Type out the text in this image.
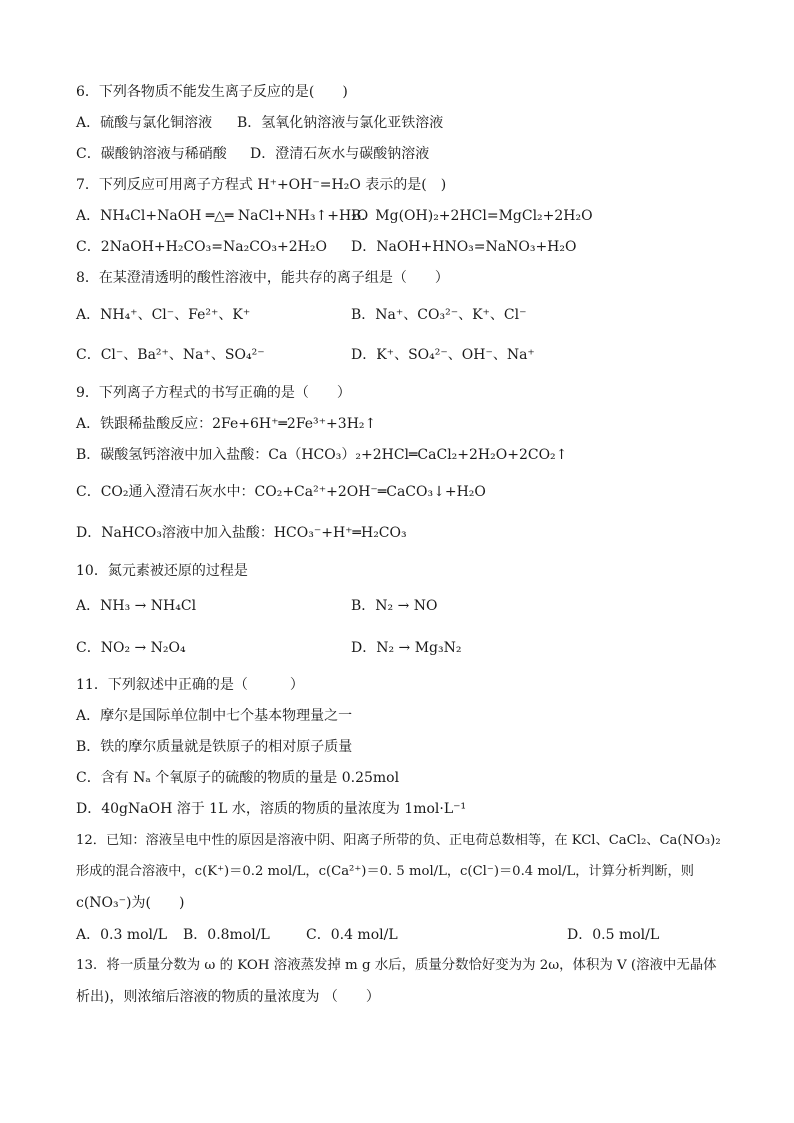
6．下列各物质不能发生离子反应的是(　　)
A．硫酸与氯化铜溶液 B．氢氧化钠溶液与氯化亚铁溶液
C．碳酸钠溶液与稀硝酸 D．澄清石灰水与碳酸钠溶液
7．下列反应可用离子方程式 H⁺+OH⁻=H₂O 表示的是(　)
A．NH₄Cl+NaOH ═△═ NaCl+NH₃↑+H₂O
B．Mg(OH)₂+2HCl=MgCl₂+2H₂O
C．2NaOH+H₂CO₃=Na₂CO₃+2H₂O D．NaOH+HNO₃=NaNO₃+H₂O
8．在某澄清透明的酸性溶液中，能共存的离子组是（　　）
A．NH₄⁺、Cl⁻、Fe²⁺、K⁺	B．Na⁺、CO₃²⁻、K⁺、Cl⁻
C．Cl⁻、Ba²⁺、Na⁺、SO₄²⁻	D．K⁺、SO₄²⁻、OH⁻、Na⁺
9．下列离子方程式的书写正确的是（　　）
A．铁跟稀盐酸反应：2Fe+6H⁺═2Fe³⁺+3H₂↑
B．碳酸氢钙溶液中加入盐酸：Ca（HCO₃）₂+2HCl═CaCl₂+2H₂O+2CO₂↑
C．CO₂通入澄清石灰水中：CO₂+Ca²⁺+2OH⁻═CaCO₃↓+H₂O
D．NaHCO₃溶液中加入盐酸：HCO₃⁻+H⁺═H₂CO₃
10．氮元素被还原的过程是
A．NH₃ → NH₄Cl	B．N₂ → NO
C．NO₂ → N₂O₄	D．N₂ → Mg₃N₂
11．下列叙述中正确的是（　　　）
A．摩尔是国际单位制中七个基本物理量之一
B．铁的摩尔质量就是铁原子的相对原子质量
C．含有 Nₐ 个氧原子的硫酸的物质的量是 0.25mol
D．40gNaOH 溶于 1L 水，溶质的物质的量浓度为 1mol·L⁻¹
12．已知：溶液呈电中性的原因是溶液中阴、阳离子所带的负、正电荷总数相等，在 KCl、CaCl₂、Ca(NO₃)₂
形成的混合溶液中，c(K⁺)＝0.2 mol/L，c(Ca²⁺)＝0. 5 mol/L，c(Cl⁻)＝0.4 mol/L，计算分析判断，则
c(NO₃⁻)为(　　)
A．0.3 mol/L B．0.8mol/L	C．0.4 mol/L	D．0.5 mol/L
13．将一质量分数为 ω 的 KOH 溶液蒸发掉 m g 水后，质量分数恰好变为为 2ω，体积为 V (溶液中无晶体
析出)，则浓缩后溶液的物质的量浓度为 （　　）
